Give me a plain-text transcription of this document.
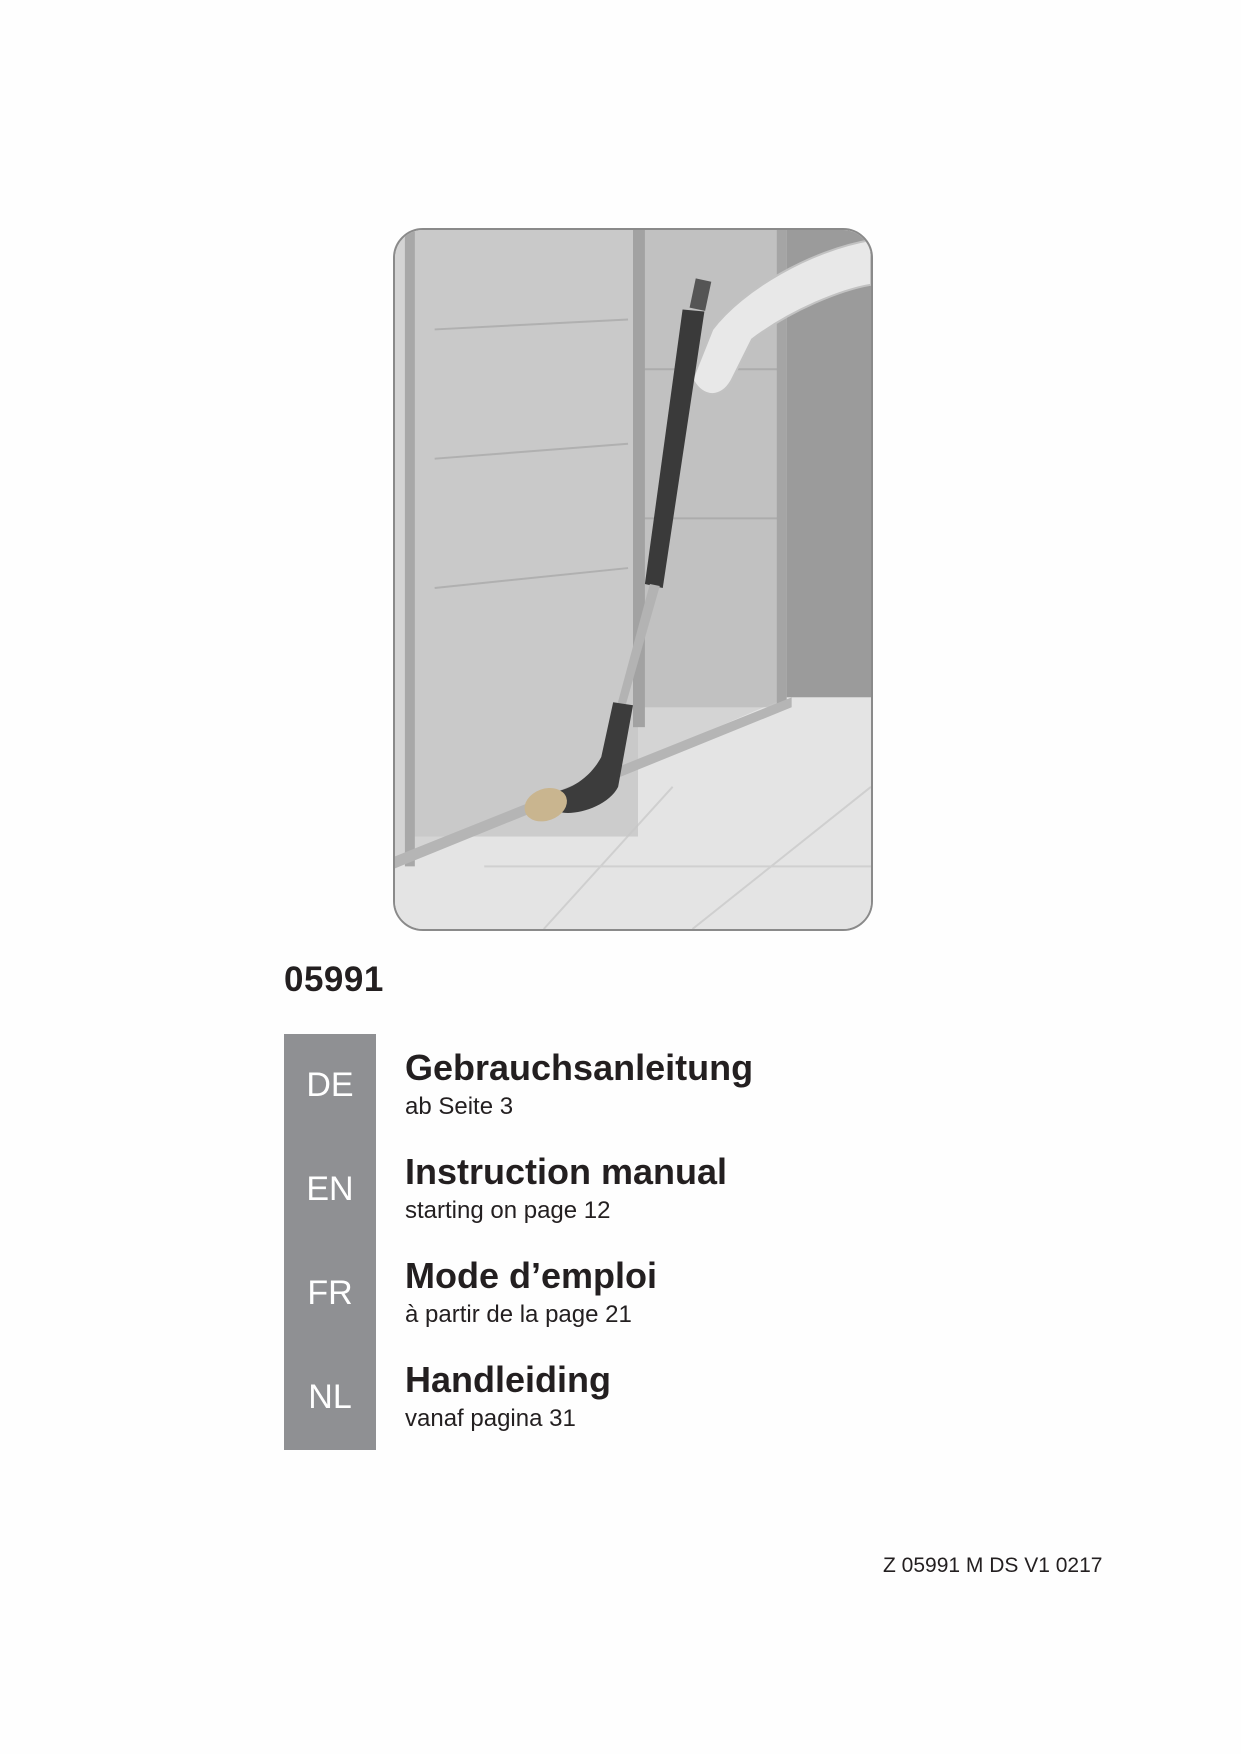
05991
DE
EN
FR
NL
Gebrauchsanleitung
ab Seite 3
Instruction manual
starting on page 12
Mode d’emploi
à partir de la page 21
Handleiding
vanaf pagina 31
Z 05991 M DS V1 0217
